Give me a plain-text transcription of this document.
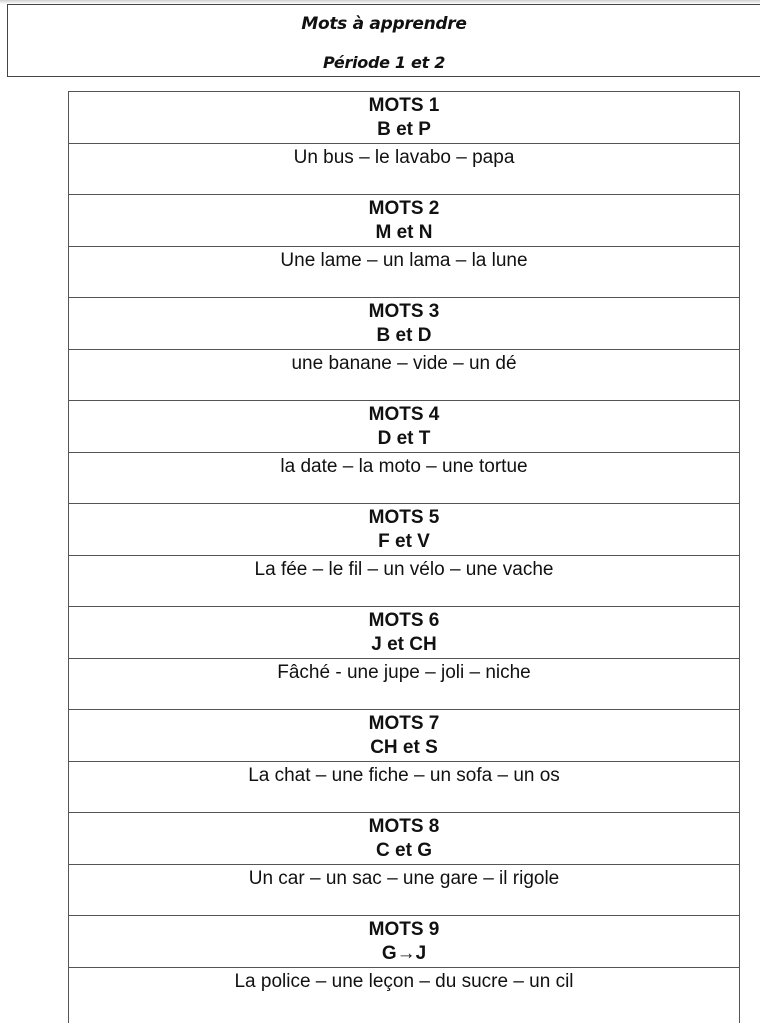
Mots à apprendre
Période 1 et 2
MOTS 1
B et P
Un bus – le lavabo – papa
MOTS 2
M et N
Une lame – un lama – la lune
MOTS 3
B et D
une banane – vide – un dé
MOTS 4
D et T
la date – la moto – une tortue
MOTS 5
F et V
La fée – le fil – un vélo – une vache
MOTS 6
J et CH
Fâché - une jupe – joli – niche
MOTS 7
CH et S
La chat – une fiche – un sofa – un os
MOTS 8
C et G
Un car – un sac – une gare – il rigole
MOTS 9
G→J
La police – une leçon – du sucre – un cil
